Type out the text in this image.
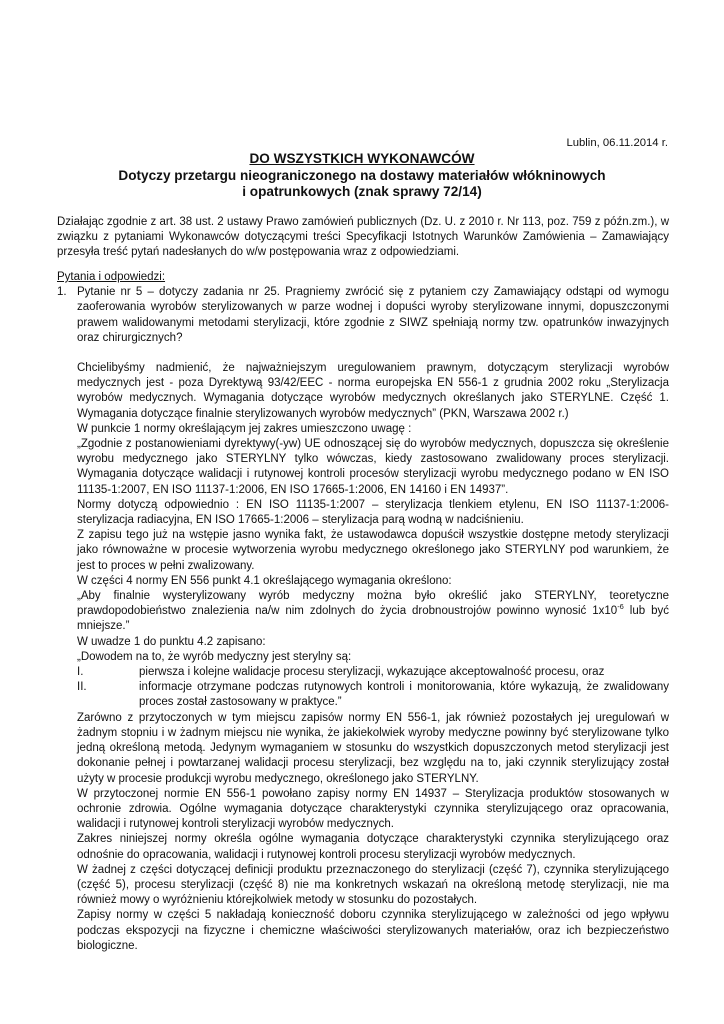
Lublin, 06.11.2014 r.
DO WSZYSTKICH WYKONAWCÓW
Dotyczy przetargu nieograniczonego na dostawy materiałów włókninowych
i opatrunkowych (znak sprawy 72/14)

Działając zgodnie z art. 38 ust. 2 ustawy Prawo zamówień publicznych (Dz. U. z 2010 r. Nr 113, poz. 759 z późn.zm.), w związku z pytaniami Wykonawców dotyczącymi treści Specyfikacji Istotnych Warunków Zamówienia – Zamawiający przesyła treść pytań nadesłanych do w/w postępowania wraz z odpowiedziami.

Pytania i odpowiedzi:
1. Pytanie nr 5 – dotyczy zadania nr 25. Pragniemy zwrócić się z pytaniem czy Zamawiający odstąpi od wymogu zaoferowania wyrobów sterylizowanych w parze wodnej i dopuści wyroby sterylizowane innymi, dopuszczonymi prawem walidowanymi metodami sterylizacji, które zgodnie z SIWZ spełniają normy tzw. opatrunków inwazyjnych oraz chirurgicznych?

Chcielibyśmy nadmienić, że najważniejszym uregulowaniem prawnym, dotyczącym sterylizacji wyrobów medycznych jest - poza Dyrektywą 93/42/EEC - norma europejska EN 556-1 z grudnia 2002 roku „Sterylizacja wyrobów medycznych. Wymagania dotyczące wyrobów medycznych określanych jako STERYLNE. Część 1. Wymagania dotyczące finalnie sterylizowanych wyrobów medycznych” (PKN, Warszawa 2002 r.)

W punkcie 1 normy określającym jej zakres umieszczono uwagę :

„Zgodnie z postanowieniami dyrektywy(-yw) UE odnoszącej się do wyrobów medycznych, dopuszcza się określenie wyrobu medycznego jako STERYLNY tylko wówczas, kiedy zastosowano zwalidowany proces sterylizacji. Wymagania dotyczące walidacji i rutynowej kontroli procesów sterylizacji wyrobu medycznego podano w EN ISO 11135-1:2007, EN ISO 11137-1:2006, EN ISO 17665-1:2006, EN 14160 i EN 14937”.

Normy dotyczą odpowiednio : EN ISO 11135-1:2007 – sterylizacja tlenkiem etylenu, EN ISO 11137-1:2006- sterylizacja radiacyjna, EN ISO 17665-1:2006 – sterylizacja parą wodną w nadciśnieniu.

Z zapisu tego już na wstępie jasno wynika fakt, że ustawodawca dopuścił wszystkie dostępne metody sterylizacji jako równoważne w procesie wytworzenia wyrobu medycznego określonego jako STERYLNY pod warunkiem, że jest to proces w pełni zwalizowany.

W części 4 normy EN 556 punkt 4.1 określającego wymagania określono:

„Aby finalnie wysterylizowany wyrób medyczny można było określić jako STERYLNY, teoretyczne prawdopodobieństwo znalezienia na/w nim zdolnych do życia drobnoustrojów powinno wynosić $1x10^{-6}$ lub być mniejsze.”

W uwadze 1 do punktu 4.2 zapisano:

„Dowodem na to, że wyrób medyczny jest sterylny są:

I.	pierwsza i kolejne walidacje procesu sterylizacji, wykazujące akceptowalność procesu, oraz
II.	informacje otrzymane podczas rutynowych kontroli i monitorowania, które wykazują, że zwalidowany proces został zastosowany w praktyce.”

Zarówno z przytoczonych w tym miejscu zapisów normy EN 556-1, jak również pozostałych jej uregulowań w żadnym stopniu i w żadnym miejscu nie wynika, że jakiekolwiek wyroby medyczne powinny być sterylizowane tylko jedną określoną metodą. Jedynym wymaganiem w stosunku do wszystkich dopuszczonych metod sterylizacji jest dokonanie pełnej i powtarzanej walidacji procesu sterylizacji, bez względu na to, jaki czynnik sterylizujący został użyty w procesie produkcji wyrobu medycznego, określonego jako STERYLNY.

W przytoczonej normie EN 556-1 powołano zapisy normy EN 14937 – Sterylizacja produktów stosowanych w ochronie zdrowia. Ogólne wymagania dotyczące charakterystyki czynnika sterylizującego oraz opracowania, walidacji i rutynowej kontroli sterylizacji wyrobów medycznych.

Zakres niniejszej normy określa ogólne wymagania dotyczące charakterystyki czynnika sterylizującego oraz odnośnie do opracowania, walidacji i rutynowej kontroli procesu sterylizacji wyrobów medycznych.

W żadnej z części dotyczącej definicji produktu przeznaczonego do sterylizacji (część 7), czynnika sterylizującego (część 5), procesu sterylizacji (część 8) nie ma konkretnych wskazań na określoną metodę sterylizacji, nie ma również mowy o wyróżnieniu którejkolwiek metody w stosunku do pozostałych.

Zapisy normy w części 5 nakładają konieczność doboru czynnika sterylizującego w zależności od jego wpływu podczas ekspozycji na fizyczne i chemiczne właściwości sterylizowanych materiałów, oraz ich bezpieczeństwo biologiczne.
